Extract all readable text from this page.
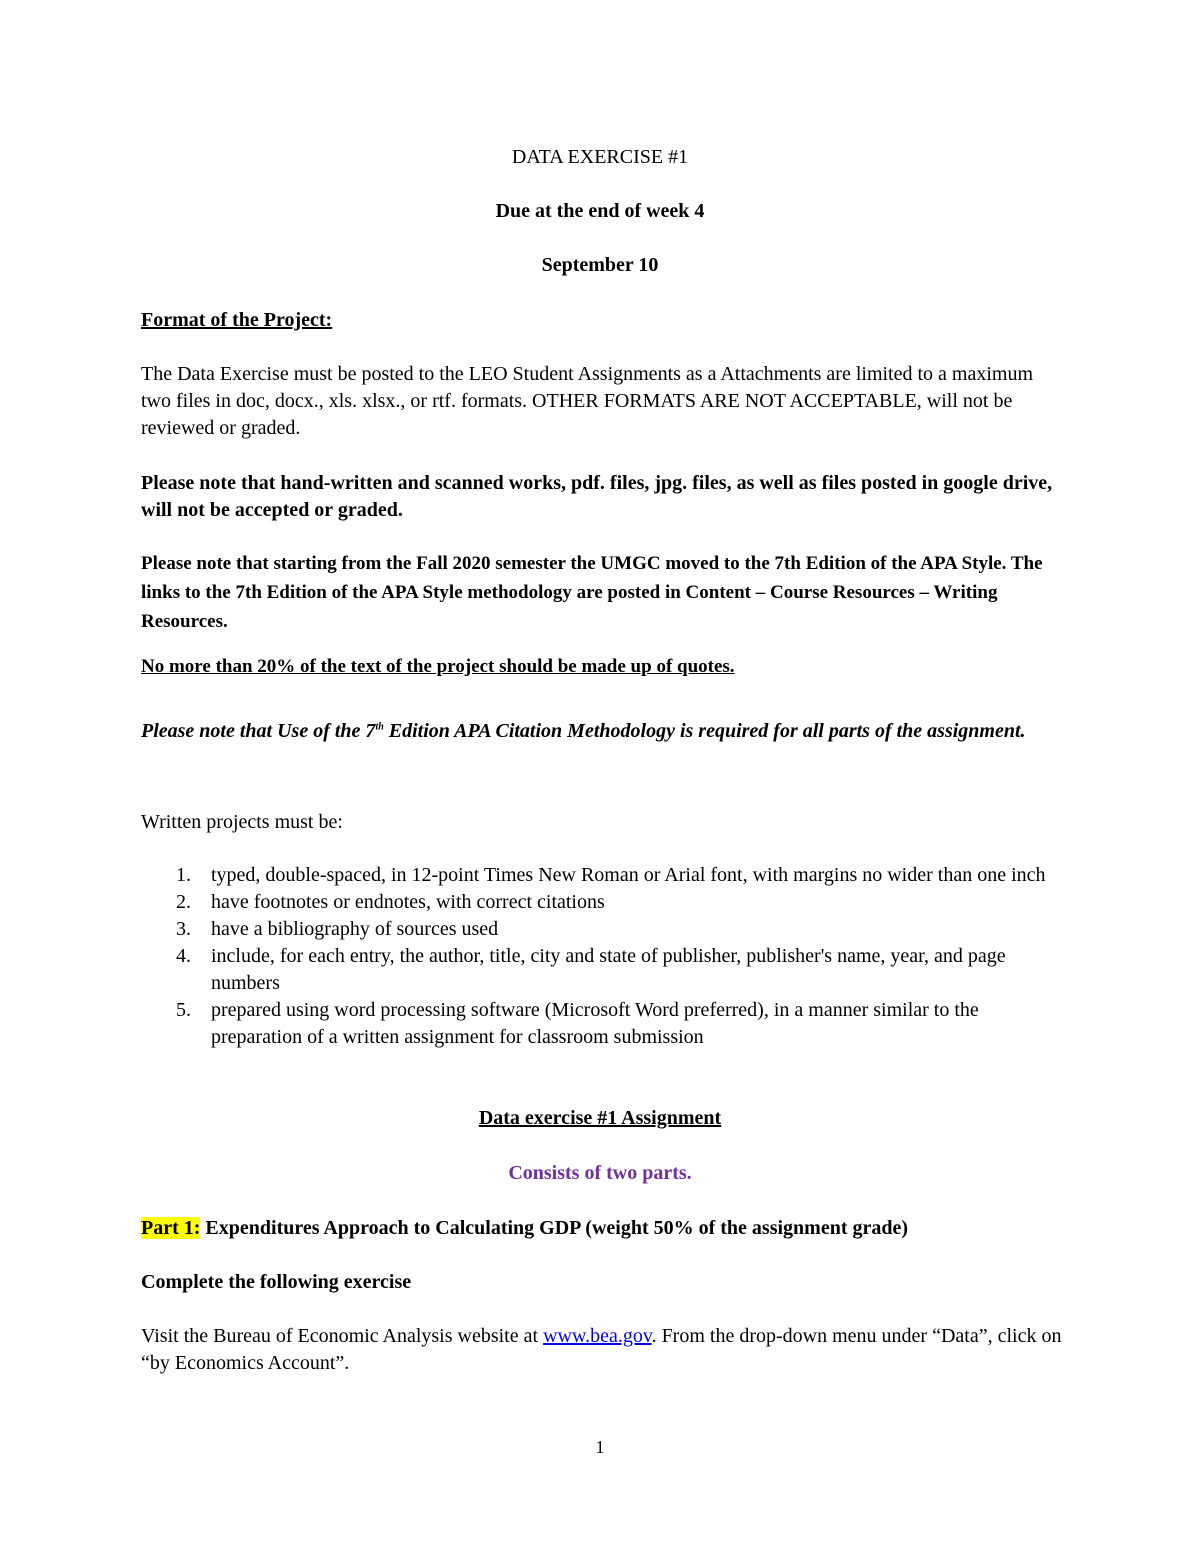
DATA EXERCISE #1
Due at the end of week 4
September 10
Format of the Project:
The Data Exercise must be posted to the LEO Student Assignments as a Attachments are limited to a maximum two files in doc, docx., xls. xlsx., or rtf. formats. OTHER FORMATS ARE NOT ACCEPTABLE, will not be reviewed or graded.
Please note that hand-written and scanned works, pdf. files, jpg. files, as well as files posted in google drive, will not be accepted or graded.
Please note that starting from the Fall 2020 semester the UMGC moved to the 7th Edition of the APA Style. The links to the 7th Edition of the APA Style methodology are posted in Content – Course Resources – Writing Resources.
No more than 20% of the text of the project should be made up of quotes.
Please note that Use of the 7th Edition APA Citation Methodology is required for all parts of the assignment.
Written projects must be:
1. typed, double-spaced, in 12-point Times New Roman or Arial font, with margins no wider than one inch
2. have footnotes or endnotes, with correct citations
3. have a bibliography of sources used
4. include, for each entry, the author, title, city and state of publisher, publisher's name, year, and page numbers
5. prepared using word processing software (Microsoft Word preferred), in a manner similar to the preparation of a written assignment for classroom submission
Data exercise #1 Assignment
Consists of two parts.
Part 1: Expenditures Approach to Calculating GDP (weight 50% of the assignment grade)
Complete the following exercise
Visit the Bureau of Economic Analysis website at www.bea.gov. From the drop-down menu under “Data”, click on “by Economics Account”.
1
